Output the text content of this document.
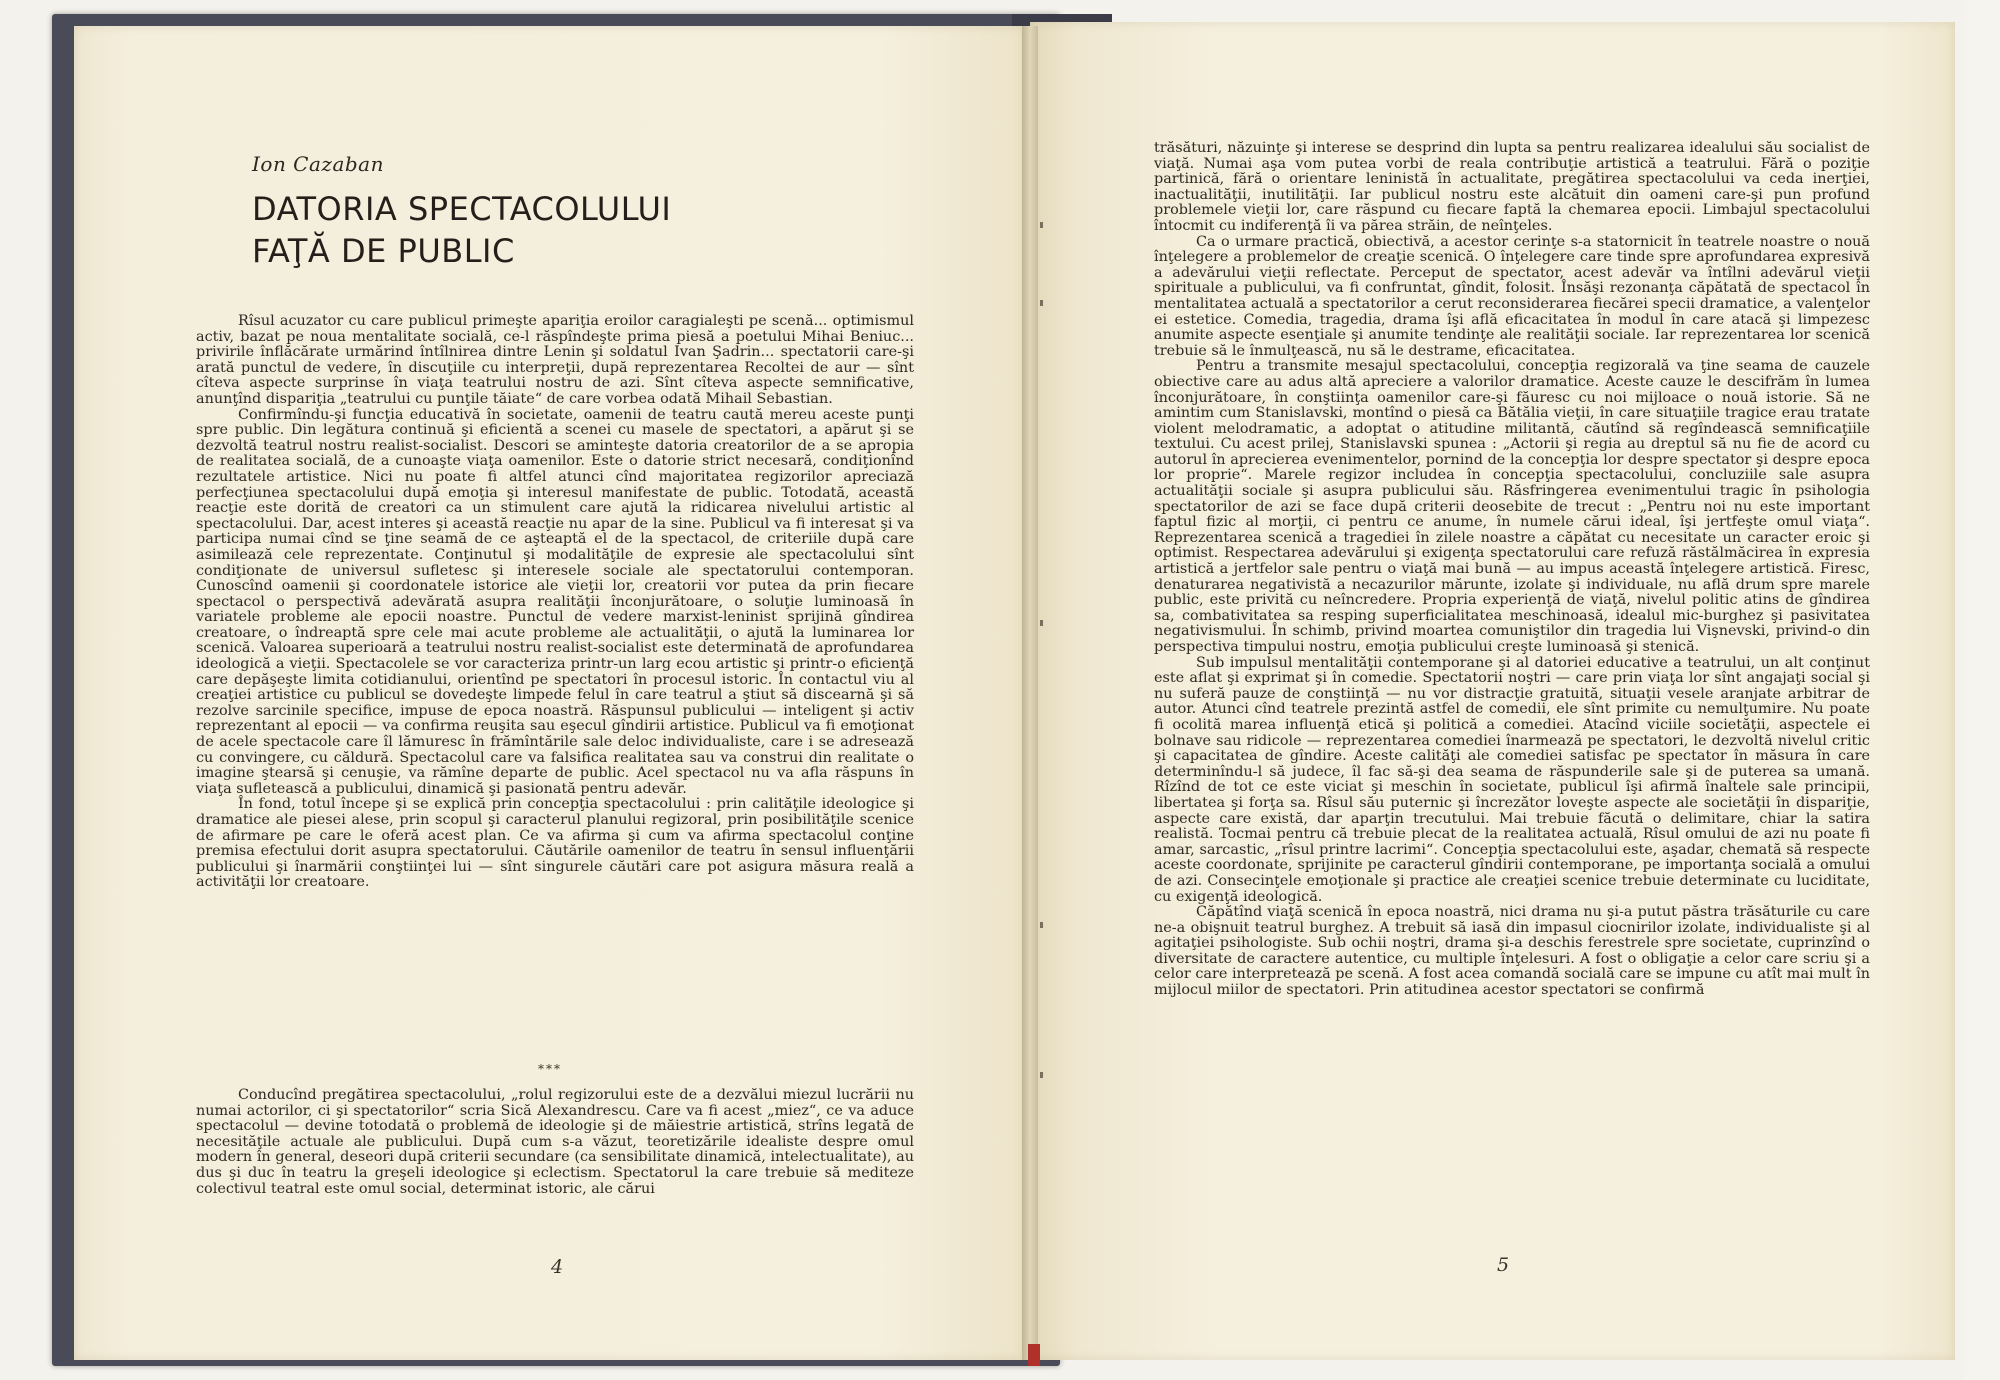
Ion Cazaban
DATORIA SPECTACOLULUI
FAŢĂ DE PUBLIC

Rîsul acuzator cu care publicul primeşte apariţia eroilor caragialeşti pe scenă... optimismul activ, bazat pe noua mentalitate socială, ce-l răspîndeşte prima piesă a poetului Mihai Beniuc... privirile înflăcărate urmărind întîlnirea dintre Lenin şi soldatul Ivan Şadrin... spectatorii care-şi arată punctul de vedere, în discuţiile cu interpreţii, după reprezentarea Recoltei de aur — sînt cîteva aspecte surprinse în viaţa teatrului nostru de azi. Sînt cîteva aspecte semnificative, anunţînd dispariţia „teatrului cu punţile tăiate“ de care vorbea odată Mihail Sebastian.

Confirmîndu-şi funcţia educativă în societate, oamenii de teatru caută mereu aceste punţi spre public. Din legătura continuă şi eficientă a scenei cu masele de spectatori, a apărut şi se dezvoltă teatrul nostru realist-socialist. Descori se aminteşte datoria creatorilor de a se apropia de realitatea socială, de a cunoaşte viaţa oamenilor. Este o datorie strict necesară, condiţionînd rezultatele artistice. Nici nu poate fi altfel atunci cînd majoritatea regizorilor apreciază perfecţiunea spectacolului după emoţia şi interesul manifestate de public. Totodată, această reacţie este dorită de creatori ca un stimulent care ajută la ridicarea nivelului artistic al spectacolului. Dar, acest interes şi această reacţie nu apar de la sine. Publicul va fi interesat şi va participa numai cînd se ţine seamă de ce aşteaptă el de la spectacol, de criteriile după care asimilează cele reprezentate. Conţinutul şi modalităţile de expresie ale spectacolului sînt condiţionate de universul sufletesc şi interesele sociale ale spectatorului contemporan. Cunoscînd oamenii şi coordonatele istorice ale vieţii lor, creatorii vor putea da prin fiecare spectacol o perspectivă adevărată asupra realităţii înconjurătoare, o soluţie luminoasă în variatele probleme ale epocii noastre. Punctul de vedere marxist-leninist sprijină gîndirea creatoare, o îndreaptă spre cele mai acute probleme ale actualităţii, o ajută la luminarea lor scenică. Valoarea superioară a teatrului nostru realist-socialist este determinată de aprofundarea ideologică a vieţii. Spectacolele se vor caracteriza printr-un larg ecou artistic şi printr-o eficienţă care depăşeşte limita cotidianului, orientînd pe spectatori în procesul istoric. În contactul viu al creaţiei artistice cu publicul se dovedeşte limpede felul în care teatrul a ştiut să discearnă şi să rezolve sarcinile specifice, impuse de epoca noastră. Răspunsul publicului — inteligent şi activ reprezentant al epocii — va confirma reuşita sau eşecul gîndirii artistice. Publicul va fi emoţionat de acele spectacole care îl lămuresc în frămîntările sale deloc individualiste, care i se adresează cu convingere, cu căldură. Spectacolul care va falsifica realitatea sau va construi din realitate o imagine ştearsă şi cenuşie, va rămîne departe de public. Acel spectacol nu va afla răspuns în viaţa sufletească a publicului, dinamică şi pasionată pentru adevăr.

În fond, totul începe şi se explică prin concepţia spectacolului : prin calităţile ideologice şi dramatice ale piesei alese, prin scopul şi caracterul planului regizoral, prin posibilităţile scenice de afirmare pe care le oferă acest plan. Ce va afirma şi cum va afirma spectacolul conţine premisa efectului dorit asupra spectatorului. Căutările oamenilor de teatru în sensul influenţării publicului şi înarmării conştiinţei lui — sînt singurele căutări care pot asigura măsura reală a activităţii lor creatoare.

***

Conducînd pregătirea spectacolului, „rolul regizorului este de a dezvălui miezul lucrării nu numai actorilor, ci şi spectatorilor“ scria Sică Alexandrescu. Care va fi acest „miez“, ce va aduce spectacolul — devine totodată o problemă de ideologie şi de măiestrie artistică, strîns legată de necesităţile actuale ale publicului. După cum s-a văzut, teoretizările idealiste despre omul modern în general, deseori după criterii secundare (ca sensibilitate dinamică, intelectualitate), au dus şi duc în teatru la greşeli ideologice şi eclectism. Spectatorul la care trebuie să mediteze colectivul teatral este omul social, determinat istoric, ale cărui

4

trăsături, năzuinţe şi interese se desprind din lupta sa pentru realizarea idealului său socialist de viaţă. Numai aşa vom putea vorbi de reala contribuţie artistică a teatrului. Fără o poziţie partinică, fără o orientare leninistă în actualitate, pregătirea spectacolului va ceda inerţiei, inactualităţii, inutilităţii. Iar publicul nostru este alcătuit din oameni care-şi pun profund problemele vieţii lor, care răspund cu fiecare faptă la chemarea epocii. Limbajul spectacolului întocmit cu indiferenţă îi va părea străin, de neînţeles.

Ca o urmare practică, obiectivă, a acestor cerinţe s-a statornicit în teatrele noastre o nouă înţelegere a problemelor de creaţie scenică. O înţelegere care tinde spre aprofundarea expresivă a adevărului vieţii reflectate. Perceput de spectator, acest adevăr va întîlni adevărul vieţii spirituale a publicului, va fi confruntat, gîndit, folosit. Însăşi rezonanţa căpătată de spectacol în mentalitatea actuală a spectatorilor a cerut reconsiderarea fiecărei specii dramatice, a valenţelor ei estetice. Comedia, tragedia, drama îşi află eficacitatea în modul în care atacă şi limpezesc anumite aspecte esenţiale şi anumite tendinţe ale realităţii sociale. Iar reprezentarea lor scenică trebuie să le înmulţească, nu să le destrame, eficacitatea.

Pentru a transmite mesajul spectacolului, concepţia regizorală va ţine seama de cauzele obiective care au adus altă apreciere a valorilor dramatice. Aceste cauze le descifrăm în lumea înconjurătoare, în conştiinţa oamenilor care-şi făuresc cu noi mijloace o nouă istorie. Să ne amintim cum Stanislavski, montînd o piesă ca Bătălia vieţii, în care situaţiile tragice erau tratate violent melodramatic, a adoptat o atitudine militantă, căutînd să regîndească semnificaţiile textului. Cu acest prilej, Stanislavski spunea : „Actorii şi regia au dreptul să nu fie de acord cu autorul în aprecierea evenimentelor, pornind de la concepţia lor despre spectator şi despre epoca lor proprie“. Marele regizor includea în concepţia spectacolului, concluziile sale asupra actualităţii sociale şi asupra publicului său. Răsfringerea evenimentului tragic în psihologia spectatorilor de azi se face după criterii deosebite de trecut : „Pentru noi nu este important faptul fizic al morţii, ci pentru ce anume, în numele cărui ideal, îşi jertfeşte omul viaţa“. Reprezentarea scenică a tragediei în zilele noastre a căpătat cu necesitate un caracter eroic şi optimist. Respectarea adevărului şi exigenţa spectatorului care refuză răstălmăcirea în expresia artistică a jertfelor sale pentru o viaţă mai bună — au impus această înţelegere artistică. Firesc, denaturarea negativistă a necazurilor mărunte, izolate şi individuale, nu află drum spre marele public, este privită cu neîncredere. Propria experienţă de viaţă, nivelul politic atins de gîndirea sa, combativitatea sa resping superficialitatea meschinoasă, idealul mic-burghez şi pasivitatea negativismului. În schimb, privind moartea comuniştilor din tragedia lui Vişnevski, privind-o din perspectiva timpului nostru, emoţia publicului creşte luminoasă şi stenică.

Sub impulsul mentalităţii contemporane şi al datoriei educative a teatrului, un alt conţinut este aflat şi exprimat şi în comedie. Spectatorii noştri — care prin viaţa lor sînt angajaţi social şi nu suferă pauze de conştiinţă — nu vor distracţie gratuită, situaţii vesele aranjate arbitrar de autor. Atunci cînd teatrele prezintă astfel de comedii, ele sînt primite cu nemulţumire. Nu poate fi ocolită marea influenţă etică şi politică a comediei. Atacînd viciile societăţii, aspectele ei bolnave sau ridicole — reprezentarea comediei înarmează pe spectatori, le dezvoltă nivelul critic şi capacitatea de gîndire. Aceste calităţi ale comediei satisfac pe spectator în măsura în care determinîndu-l să judece, îl fac să-şi dea seama de răspunderile sale şi de puterea sa umană. Rîzînd de tot ce este viciat şi meschin în societate, publicul îşi afirmă înaltele sale principii, libertatea şi forţa sa. Rîsul său puternic şi încrezător loveşte aspecte ale societăţii în dispariţie, aspecte care există, dar aparţin trecutului. Mai trebuie făcută o delimitare, chiar la satira realistă. Tocmai pentru că trebuie plecat de la realitatea actuală, Rîsul omului de azi nu poate fi amar, sarcastic, „rîsul printre lacrimi“. Concepţia spectacolului este, aşadar, chemată să respecte aceste coordonate, sprijinite pe caracterul gîndirii contemporane, pe importanţa socială a omului de azi. Consecinţele emoţionale şi practice ale creaţiei scenice trebuie determinate cu luciditate, cu exigenţă ideologică.

Căpătînd viaţă scenică în epoca noastră, nici drama nu şi-a putut păstra trăsăturile cu care ne-a obişnuit teatrul burghez. A trebuit să iasă din impasul ciocnirilor izolate, individualiste şi al agitaţiei psihologiste. Sub ochii noştri, drama şi-a deschis ferestrele spre societate, cuprinzînd o diversitate de caractere autentice, cu multiple înţelesuri. A fost o obligaţie a celor care scriu şi a celor care interpretează pe scenă. A fost acea comandă socială care se impune cu atît mai mult în mijlocul miilor de spectatori. Prin atitudinea acestor spectatori se confirmă

5
